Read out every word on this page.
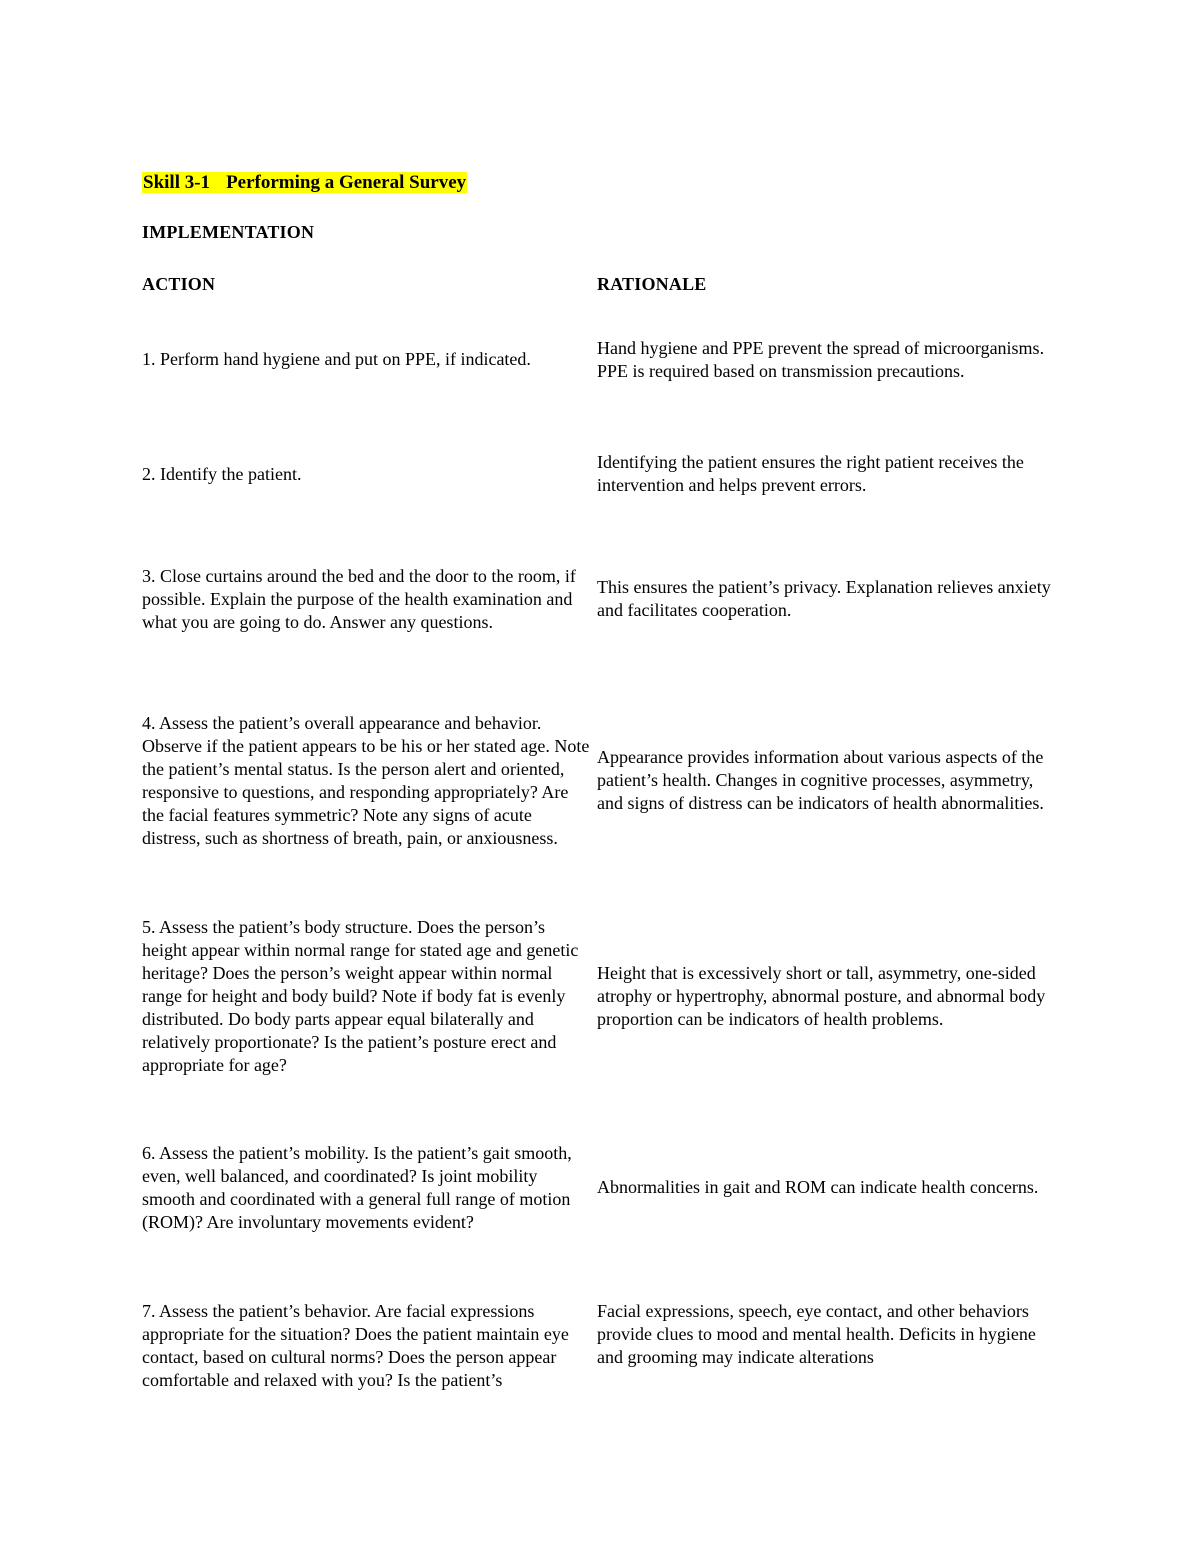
Skill 3-1 Performing a General Survey
IMPLEMENTATION
ACTION	RATIONALE
1. Perform hand hygiene and put on PPE, if indicated.
Hand hygiene and PPE prevent the spread of microorganisms. PPE is required based on transmission precautions.
2. Identify the patient.
Identifying the patient ensures the right patient receives the intervention and helps prevent errors.
3. Close curtains around the bed and the door to the room, if possible. Explain the purpose of the health examination and what you are going to do. Answer any questions.
This ensures the patient’s privacy. Explanation relieves anxiety and facilitates cooperation.
4. Assess the patient’s overall appearance and behavior. Observe if the patient appears to be his or her stated age. Note the patient’s mental status. Is the person alert and oriented, responsive to questions, and responding appropriately? Are the facial features symmetric? Note any signs of acute distress, such as shortness of breath, pain, or anxiousness.
Appearance provides information about various aspects of the patient’s health. Changes in cognitive processes, asymmetry, and signs of distress can be indicators of health abnormalities.
5. Assess the patient’s body structure. Does the person’s height appear within normal range for stated age and genetic heritage? Does the person’s weight appear within normal range for height and body build? Note if body fat is evenly distributed. Do body parts appear equal bilaterally and relatively proportionate? Is the patient’s posture erect and appropriate for age?
Height that is excessively short or tall, asymmetry, one-sided atrophy or hypertrophy, abnormal posture, and abnormal body proportion can be indicators of health problems.
6. Assess the patient’s mobility. Is the patient’s gait smooth, even, well balanced, and coordinated? Is joint mobility smooth and coordinated with a general full range of motion (ROM)? Are involuntary movements evident?
Abnormalities in gait and ROM can indicate health concerns.
7. Assess the patient’s behavior. Are facial expressions appropriate for the situation? Does the patient maintain eye contact, based on cultural norms? Does the person appear comfortable and relaxed with you? Is the patient’s
Facial expressions, speech, eye contact, and other behaviors provide clues to mood and mental health. Deficits in hygiene and grooming may indicate alterations
